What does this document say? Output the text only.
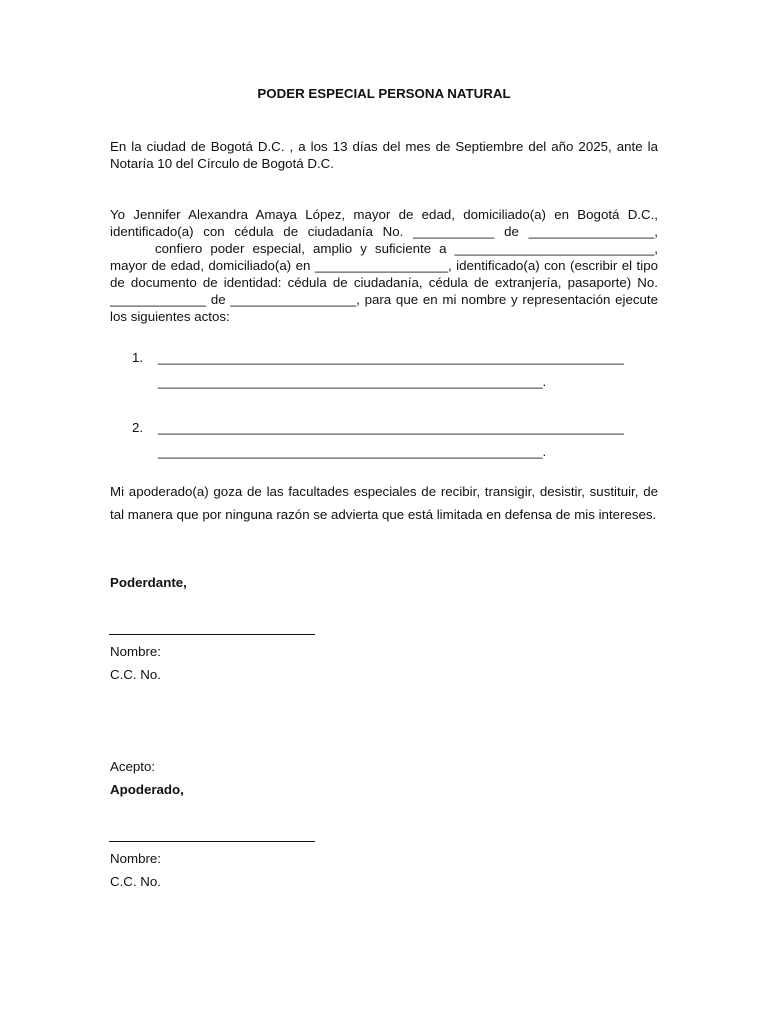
PODER ESPECIAL PERSONA NATURAL

En la ciudad de Bogotá D.C. , a los 13 días del mes de Septiembre del año 2025, ante la Notaría 10 del Círculo de Bogotá D.C.

Yo Jennifer Alexandra Amaya López, mayor de edad, domiciliado(a) en Bogotá D.C., identificado(a) con cédula de ciudadanía No. ___________ de _________________, confiero poder especial, amplio y suficiente a ___________________________, mayor de edad, domiciliado(a) en __________________, identificado(a) con (escribir el tipo de documento de identidad: cédula de ciudadanía, cédula de extranjería, pasaporte) No. _____________ de _________________, para que en mi nombre y representación ejecute los siguientes actos:

1. _______________________________________________________________
____________________________________________________.
2. _______________________________________________________________
____________________________________________________.

Mi apoderado(a) goza de las facultades especiales de recibir, transigir, desistir, sustituir, de tal manera que por ninguna razón se advierta que está limitada en defensa de mis intereses.

Poderdante,

Nombre:

C.C. No.

Acepto:

Apoderado,

Nombre:

C.C. No.
